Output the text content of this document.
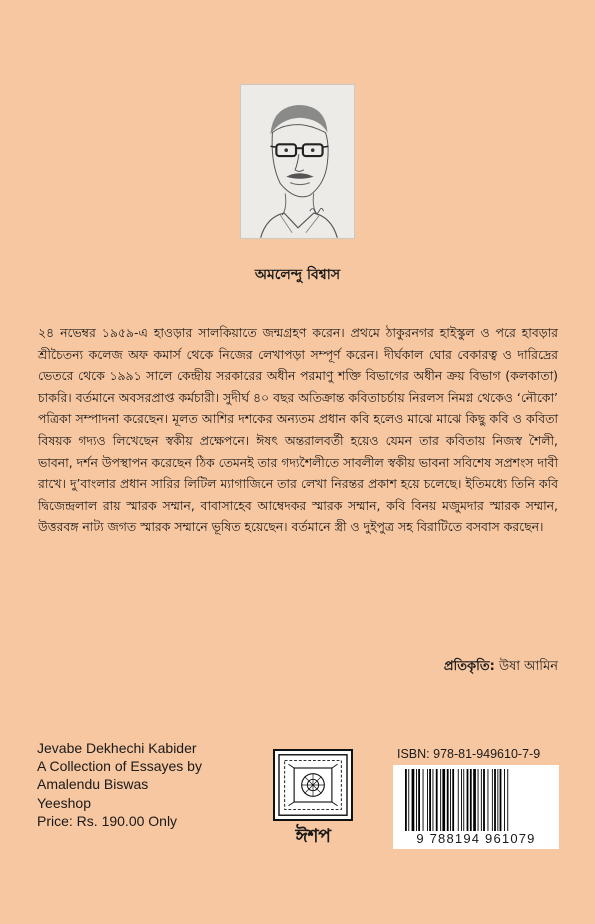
অমলেন্দু বিশ্বাস

২৪ নভেম্বর ১৯৫৯-এ হাওড়ার সালকিয়াতে জন্মগ্রহণ করেন। প্রথমে ঠাকুরনগর হাইস্কুল ও পরে হাবড়ার শ্রীচৈতন্য কলেজ অফ কমার্স থেকে নিজের লেখাপড়া সম্পূর্ণ করেন। দীর্ঘকাল ঘোর বেকারত্ব ও দারিদ্রের ভেতরে থেকে ১৯৯১ সালে কেন্দ্রীয় সরকারের অধীন পরমাণু শক্তি বিভাগের অধীন ক্রয় বিভাগ (কলকাতা) চাকরি। বর্তমানে অবসরপ্রাপ্ত কর্মচারী। সুদীর্ঘ ৪০ বছর অতিক্রান্ত কবিতাচর্চায় নিরলস নিমগ্ন থেকেও ‘নৌকো’ পত্রিকা সম্পাদনা করেছেন। মূলত আশির দশকের অন্যতম প্রধান কবি হলেও মাঝে মাঝে কিছু কবি ও কবিতা বিষয়ক গদ্যও লিখেছেন স্বকীয় প্রক্ষেপনে। ঈষৎ অন্তরালবর্তী হয়েও যেমন তার কবিতায় নিজস্ব শৈলী, ভাবনা, দর্শন উপস্থাপন করেছেন ঠিক তেমনই তার গদ্যশৈলীতে সাবলীল স্বকীয় ভাবনা সবিশেষ সপ্রশংস দাবী রাখে। দু’বাংলার প্রধান সারির লিটিল ম্যাগাজিনে তার লেখা নিরন্তর প্রকাশ হয়ে চলেছে। ইতিমধ্যে তিনি কবি দ্বিজেন্দ্রলাল রায় স্মারক সম্মান, বাবাসাহেব আম্বেদকর স্মারক সম্মান, কবি বিনয় মজুমদার স্মারক সম্মান, উত্তরবঙ্গ নাট্য জগত স্মারক সম্মানে ভূষিত হয়েছেন। বর্তমানে স্ত্রী ও দুইপুত্র সহ বিরাটিতে বসবাস করছেন।

প্রতিকৃতি: উষা আমিন
Jevabe Dekhechi Kabider
A Collection of Essayes by
Amalendu Biswas
Yeeshop
Price: Rs. 190.00 Only
ঈশপ
ISBN: 978-81-949610-7-9
9 788194 961079
